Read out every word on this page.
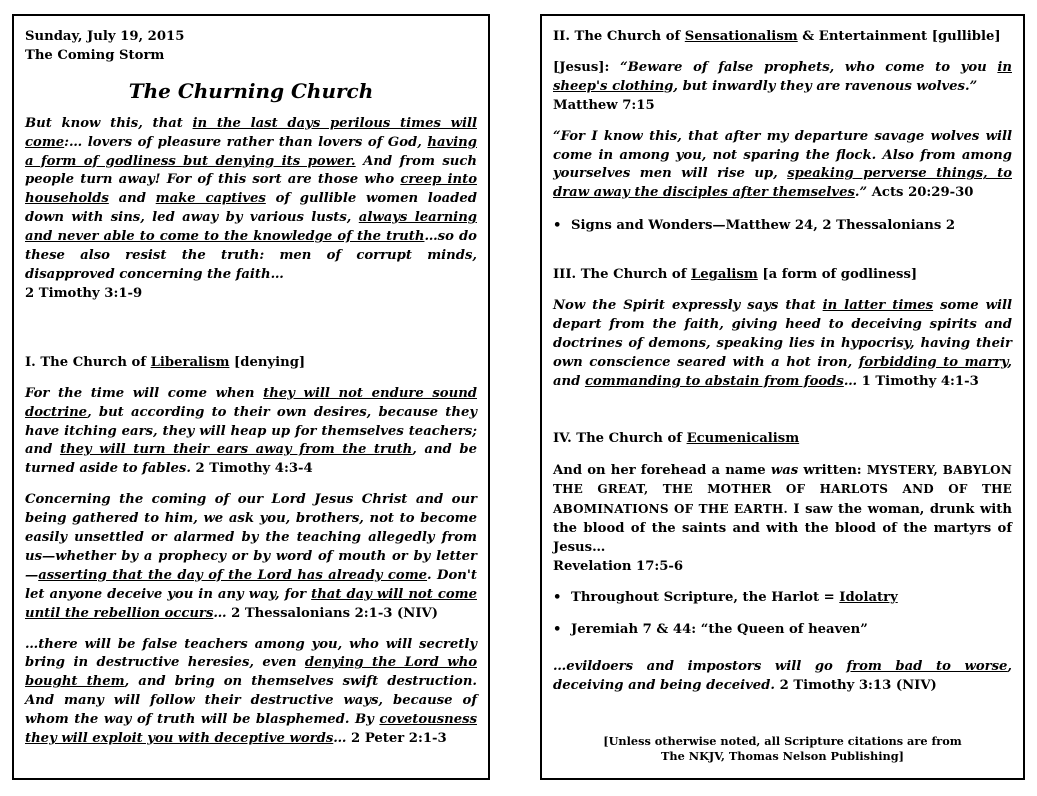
Sunday, July 19, 2015

The Coming Storm

The Churning Church

But know this, that in the last days perilous times will come:… lovers of pleasure rather than lovers of God, having a form of godliness but denying its power. And from such people turn away! For of this sort are those who creep into households and make captives of gullible women loaded down with sins, led away by various lusts, always learning and never able to come to the knowledge of the truth…so do these also resist the truth: men of corrupt minds, disapproved concerning the faith…

2 Timothy 3:1-9

I. The Church of Liberalism [denying]

For the time will come when they will not endure sound doctrine, but according to their own desires, because they have itching ears, they will heap up for themselves teachers; and they will turn their ears away from the truth, and be turned aside to fables. 2 Timothy 4:3-4

Concerning the coming of our Lord Jesus Christ and our being gathered to him, we ask you, brothers, not to become easily unsettled or alarmed by the teaching allegedly from us—whether by a prophecy or by word of mouth or by letter—asserting that the day of the Lord has already come. Don't let anyone deceive you in any way, for that day will not come until the rebellion occurs… 2 Thessalonians 2:1-3 (NIV)

…there will be false teachers among you, who will secretly bring in destructive heresies, even denying the Lord who bought them, and bring on themselves swift destruction. And many will follow their destructive ways, because of whom the way of truth will be blasphemed. By covetousness they will exploit you with deceptive words… 2 Peter 2:1-3

II. The Church of Sensationalism & Entertainment [gullible]

[Jesus]: “Beware of false prophets, who come to you in sheep's clothing, but inwardly they are ravenous wolves.”

Matthew 7:15

“For I know this, that after my departure savage wolves will come in among you, not sparing the flock. Also from among yourselves men will rise up, speaking perverse things, to draw away the disciples after themselves.” Acts 20:29-30

• Signs and Wonders—Matthew 24, 2 Thessalonians 2

III. The Church of Legalism [a form of godliness]

Now the Spirit expressly says that in latter times some will depart from the faith, giving heed to deceiving spirits and doctrines of demons, speaking lies in hypocrisy, having their own conscience seared with a hot iron, forbidding to marry, and commanding to abstain from foods… 1 Timothy 4:1-3

IV. The Church of Ecumenicalism

And on her forehead a name was written: MYSTERY, BABYLON THE GREAT, THE MOTHER OF HARLOTS AND OF THE ABOMINATIONS OF THE EARTH. I saw the woman, drunk with the blood of the saints and with the blood of the martyrs of Jesus…

Revelation 17:5-6

• Throughout Scripture, the Harlot = Idolatry

• Jeremiah 7 & 44: “the Queen of heaven”

…evildoers and impostors will go from bad to worse, deceiving and being deceived. 2 Timothy 3:13 (NIV)

[Unless otherwise noted, all Scripture citations are from

The NKJV, Thomas Nelson Publishing]
